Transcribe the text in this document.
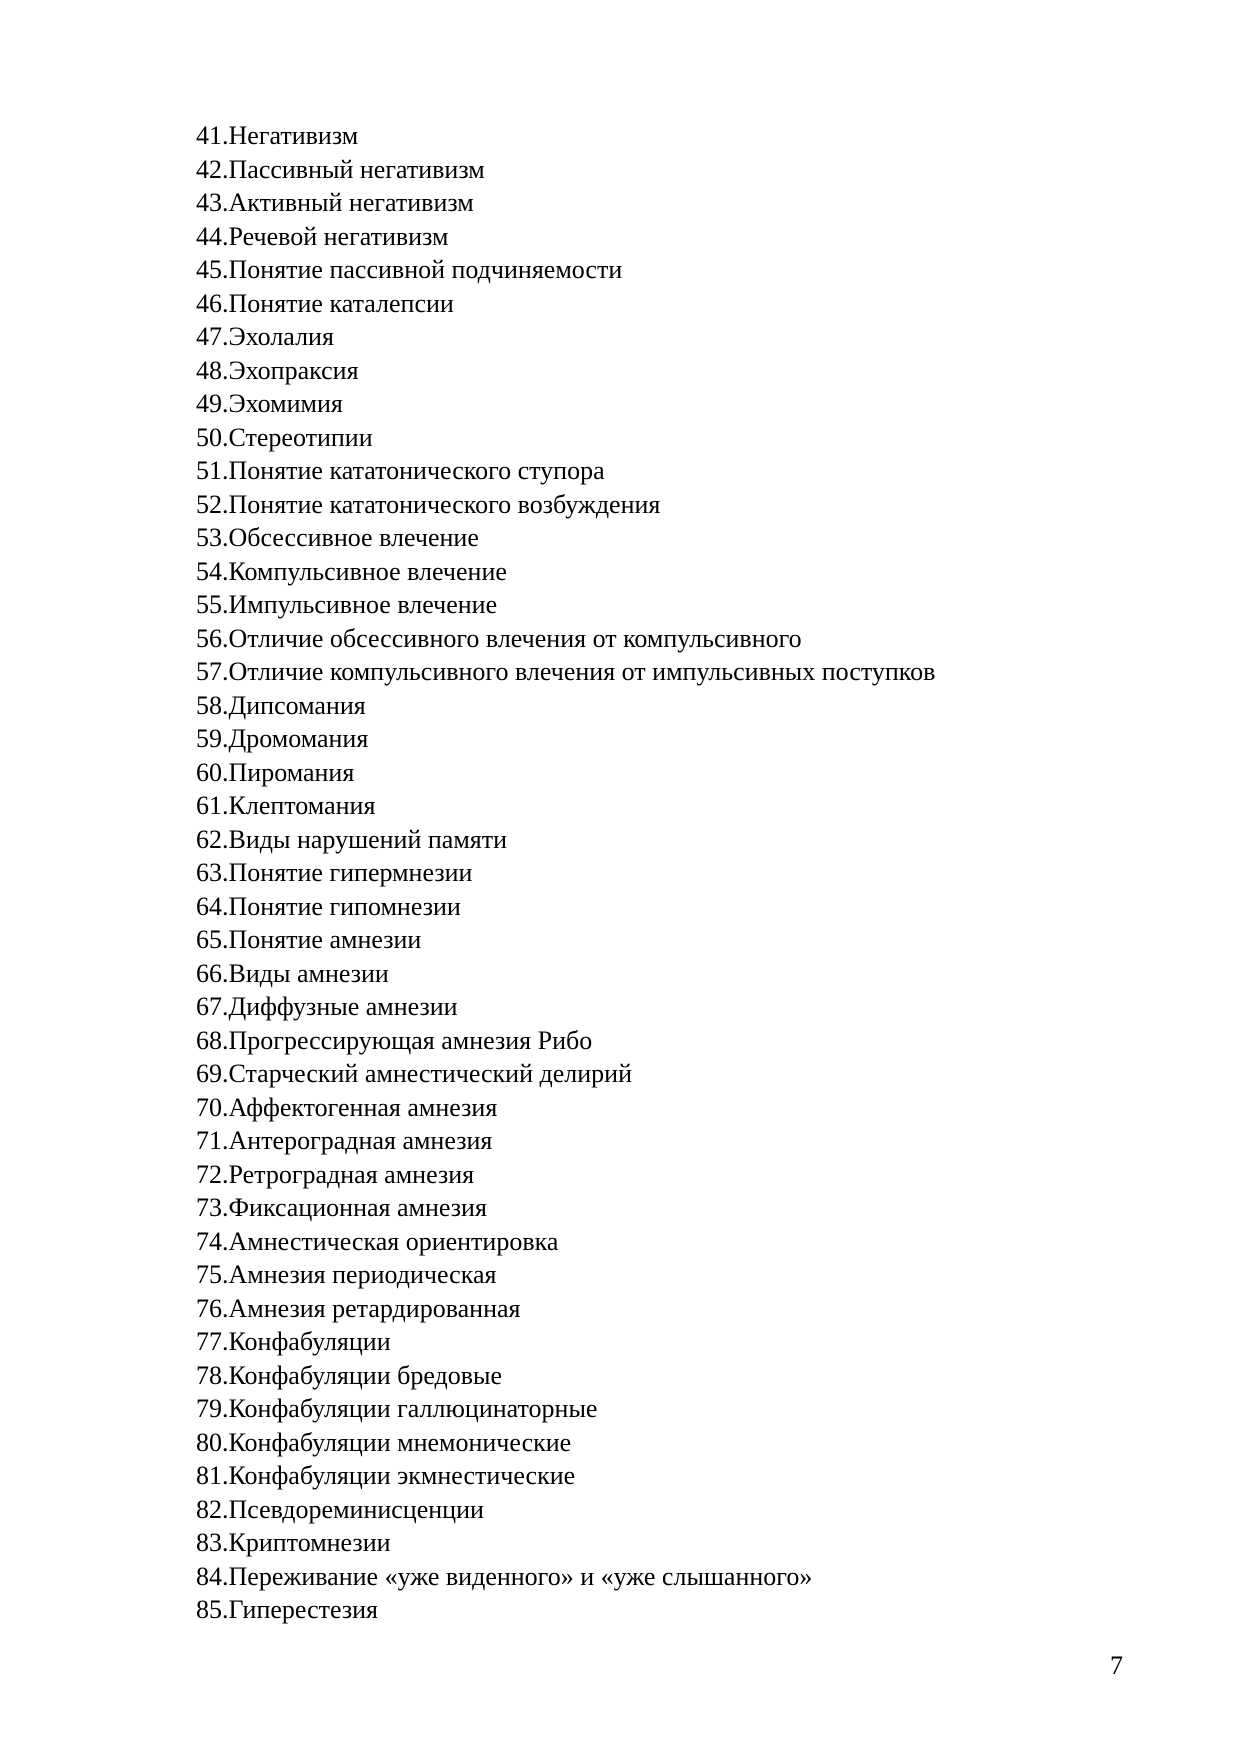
41.Негативизм
42.Пассивный негативизм
43.Активный негативизм
44.Речевой негативизм
45.Понятие пассивной подчиняемости
46.Понятие каталепсии
47.Эхолалия
48.Эхопраксия
49.Эхомимия
50.Стереотипии
51.Понятие кататонического ступора
52.Понятие кататонического возбуждения
53.Обсессивное влечение
54.Компульсивное влечение
55.Импульсивное влечение
56.Отличие обсессивного влечения от компульсивного
57.Отличие компульсивного влечения от импульсивных поступков
58.Дипсомания
59.Дромомания
60.Пиромания
61.Клептомания
62.Виды нарушений памяти
63.Понятие гипермнезии
64.Понятие гипомнезии
65.Понятие амнезии
66.Виды амнезии
67.Диффузные амнезии
68.Прогрессирующая амнезия Рибо
69.Старческий амнестический делирий
70.Аффектогенная амнезия
71.Антероградная амнезия
72.Ретроградная амнезия
73.Фиксационная амнезия
74.Амнестическая ориентировка
75.Амнезия периодическая
76.Амнезия ретардированная
77.Конфабуляции
78.Конфабуляции бредовые
79.Конфабуляции галлюцинаторные
80.Конфабуляции мнемонические
81.Конфабуляции экмнестические
82.Псевдореминисценции
83.Криптомнезии
84.Переживание «уже виденного» и «уже слышанного»
85.Гиперестезия
7
